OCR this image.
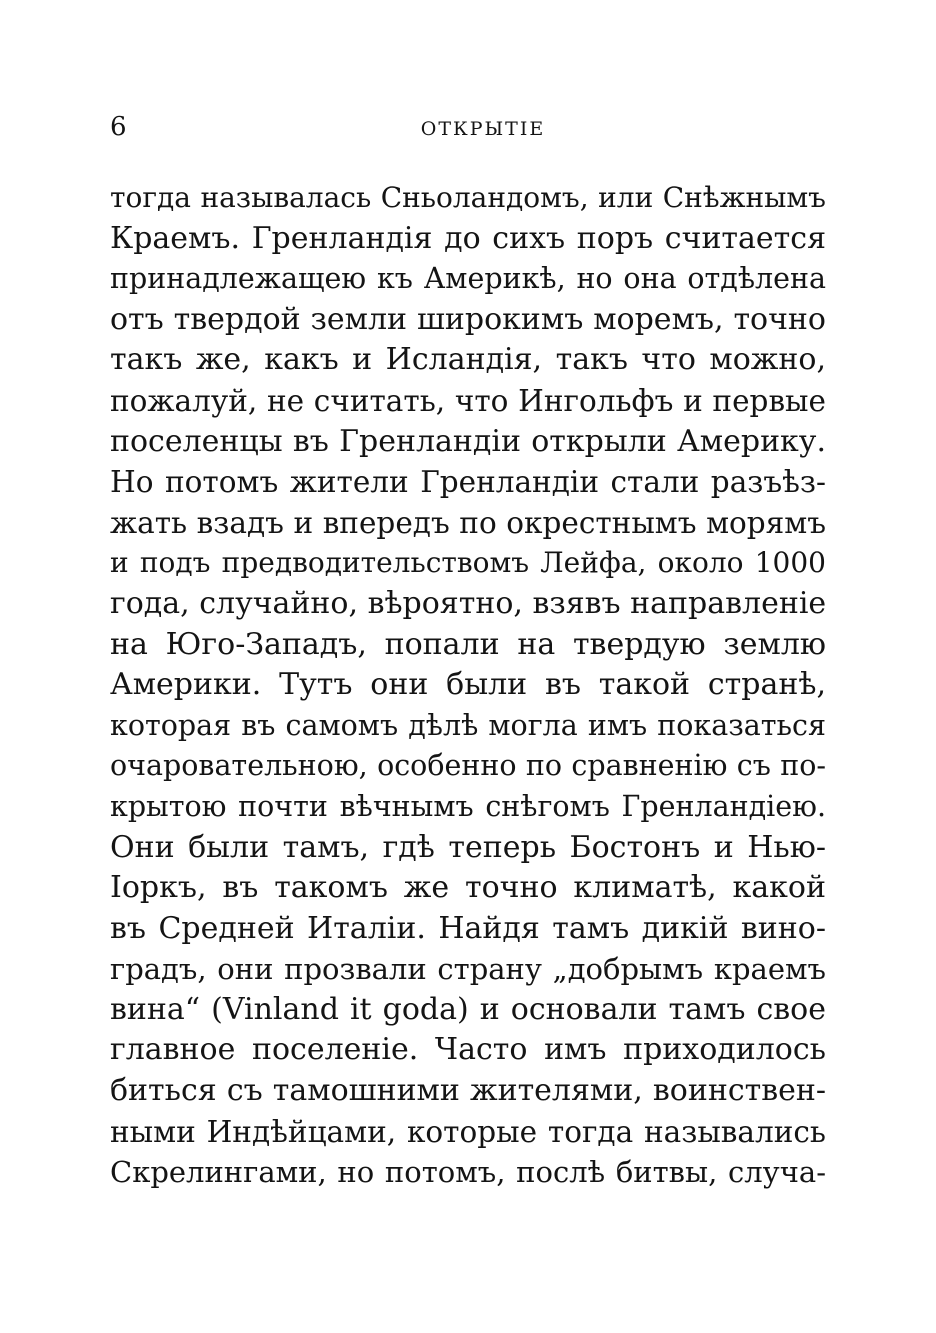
6	ОТКРЫТІЕ
тогда называлась Сньоландомъ, или Снѣжнымъ
Краемъ. Гренландія до сихъ поръ считается
принадлежащею къ Америкѣ, но она отдѣлена
отъ твердой земли широкимъ моремъ, точно
такъ же, какъ и Исландія, такъ что можно,
пожалуй, не считать, что Ингольфъ и первые
поселенцы въ Гренландіи открыли Америку.
Но потомъ жители Гренландіи стали разъѣз-
жать взадъ и впередъ по окрестнымъ морямъ
и подъ предводительствомъ Лейфа, около 1000
года, случайно, вѣроятно, взявъ направленіе
на Юго-Западъ, попали на твердую землю
Америки. Тутъ они были въ такой странѣ,
которая въ самомъ дѣлѣ могла имъ показаться
очаровательною, особенно по сравненію съ по-
крытою почти вѣчнымъ снѣгомъ Гренландіею.
Они были тамъ, гдѣ теперь Бостонъ и Нью-
Іоркъ, въ такомъ же точно климатѣ, какой
въ Средней Италіи. Найдя тамъ дикій вино-
градъ, они прозвали страну „добрымъ краемъ
вина“ (Vinland it goda) и основали тамъ свое
главное поселеніе. Часто имъ приходилось
биться съ тамошними жителями, воинствен-
ными Индѣйцами, которые тогда назывались
Скрелингами, но потомъ, послѣ битвы, случа-
